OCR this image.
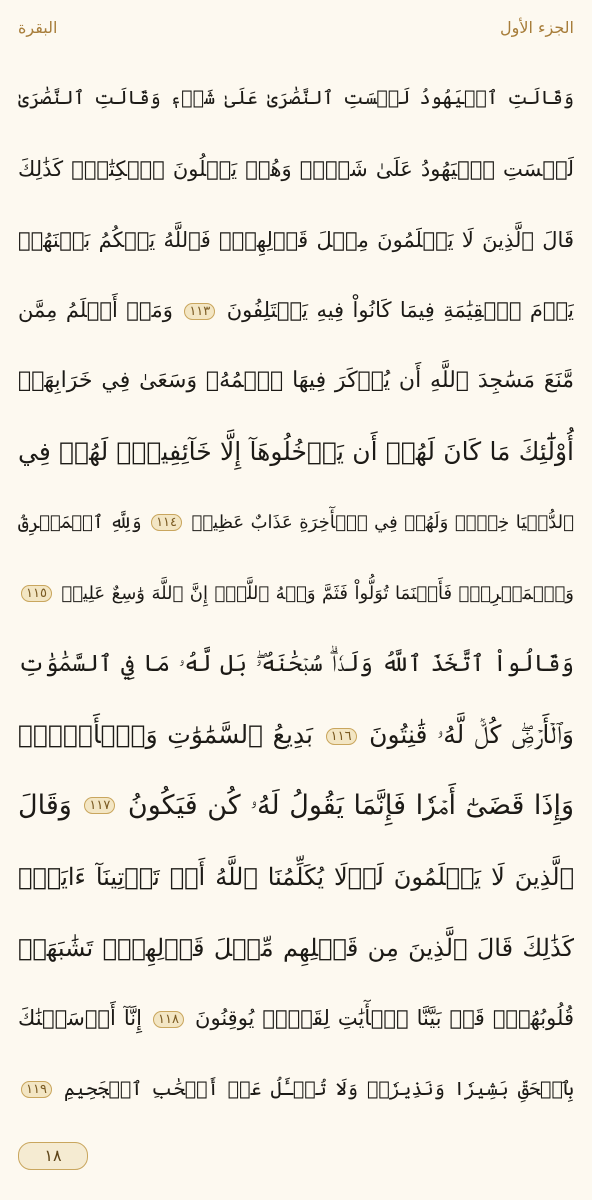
البقرة	الجزء الأول
وَقَالَتِ ٱلۡيَهُودُ لَيۡسَتِ ٱلنَّصَٰرَىٰ عَلَىٰ شَيۡءٖ وَقَالَتِ ٱلنَّصَٰرَىٰ
لَيۡسَتِ ٱلۡيَهُودُ عَلَىٰ شَيۡءٖ وَهُمۡ يَتۡلُونَ ٱلۡكِتَٰبَۗ كَذَٰلِكَ
قَالَ ٱلَّذِينَ لَا يَعۡلَمُونَ مِثۡلَ قَوۡلِهِمۡۚ فَٱللَّهُ يَحۡكُمُ بَيۡنَهُمۡ
يَوۡمَ ٱلۡقِيَٰمَةِ فِيمَا كَانُواْ فِيهِ يَخۡتَلِفُونَ ١١٣ وَمَنۡ أَظۡلَمُ مِمَّن
مَّنَعَ مَسَٰجِدَ ٱللَّهِ أَن يُذۡكَرَ فِيهَا ٱسۡمُهُۥ وَسَعَىٰ فِي خَرَابِهَآۚ
أُوْلَٰٓئِكَ مَا كَانَ لَهُمۡ أَن يَدۡخُلُوهَآ إِلَّا خَآئِفِينَۚ لَهُمۡ فِي
ٱلدُّنۡيَا خِزۡيٞ وَلَهُمۡ فِي ٱلۡأٓخِرَةِ عَذَابٌ عَظِيمٞ ١١٤ وَلِلَّهِ ٱلۡمَشۡرِقُ
وَٱلۡمَغۡرِبُۚ فَأَيۡنَمَا تُوَلُّواْ فَثَمَّ وَجۡهُ ٱللَّهِۚ إِنَّ ٱللَّهَ وَٰسِعٌ عَلِيمٞ ١١٥
وَقَالُواْ ٱتَّخَذَ ٱللَّهُ وَلَدٗاۗ سُبۡحَٰنَهُۥۖ بَل لَّهُۥ مَا فِي ٱلسَّمَٰوَٰتِ
وَٱلۡأَرۡضِۖ كُلّٞ لَّهُۥ قَٰنِتُونَ ١١٦ بَدِيعُ ٱلسَّمَٰوَٰتِ وَٱلۡأَرۡضِۖ
وَإِذَا قَضَىٰٓ أَمۡرٗا فَإِنَّمَا يَقُولُ لَهُۥ كُن فَيَكُونُ ١١٧ وَقَالَ
ٱلَّذِينَ لَا يَعۡلَمُونَ لَوۡلَا يُكَلِّمُنَا ٱللَّهُ أَوۡ تَأۡتِينَآ ءَايَةٞۗ
كَذَٰلِكَ قَالَ ٱلَّذِينَ مِن قَبۡلِهِم مِّثۡلَ قَوۡلِهِمۡۘ تَشَٰبَهَتۡ
قُلُوبُهُمۡۗ قَدۡ بَيَّنَّا ٱلۡأٓيَٰتِ لِقَوۡمٖ يُوقِنُونَ ١١٨ إِنَّآ أَرۡسَلۡنَٰكَ
بِٱلۡحَقِّ بَشِيرٗا وَنَذِيرٗاۖ وَلَا تُسۡـَٔلُ عَنۡ أَصۡحَٰبِ ٱلۡجَحِيمِ ١١٩
١٨
